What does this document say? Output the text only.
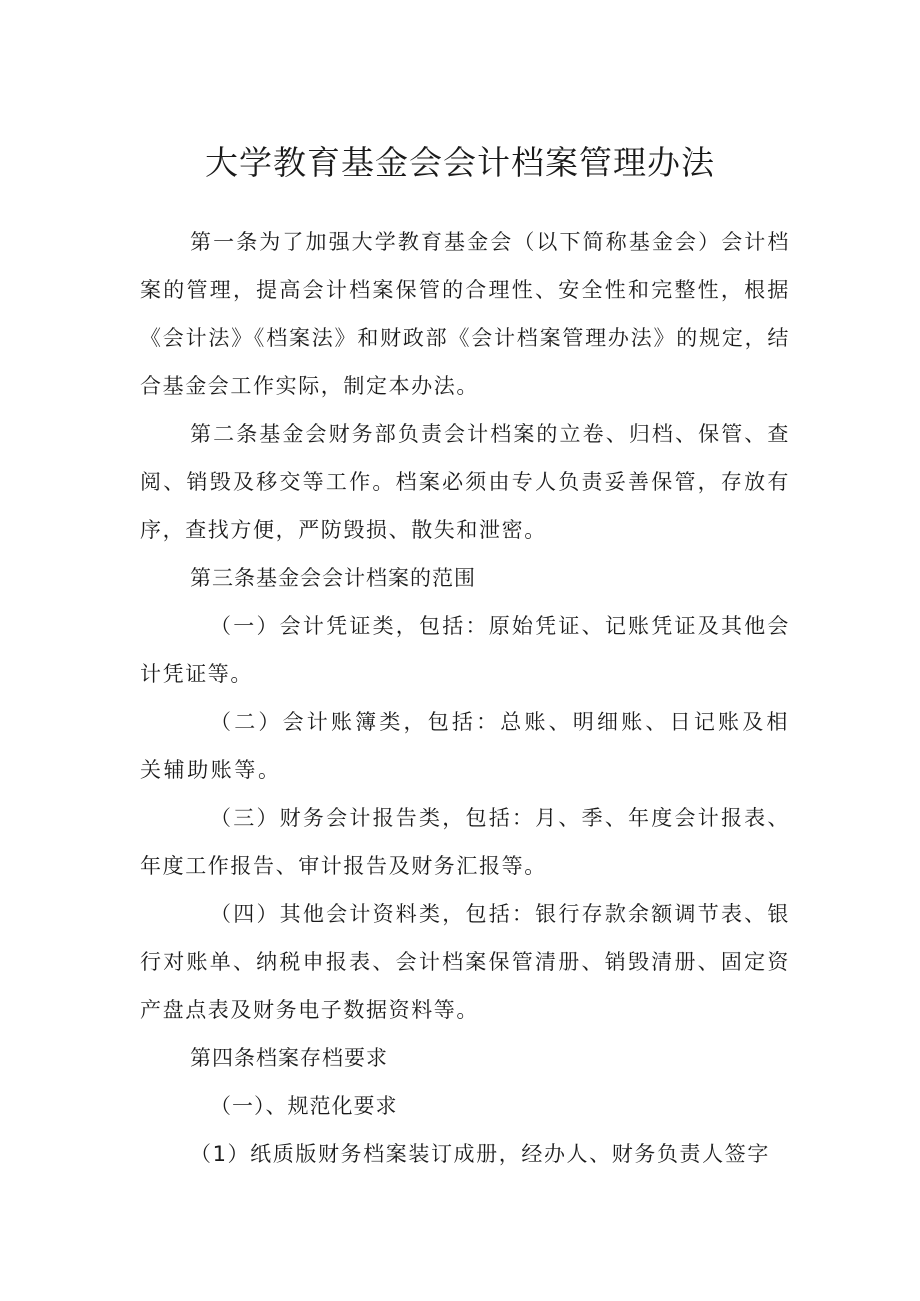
大学教育基金会会计档案管理办法

第一条为了加强大学教育基金会（以下简称基金会）会计档案的管理，提高会计档案保管的合理性、安全性和完整性，根据《会计法》《档案法》和财政部《会计档案管理办法》的规定，结合基金会工作实际，制定本办法。

第二条基金会财务部负责会计档案的立卷、归档、保管、查阅、销毁及移交等工作。档案必须由专人负责妥善保管，存放有序，查找方便，严防毁损、散失和泄密。

第三条基金会会计档案的范围

（一）会计凭证类，包括：原始凭证、记账凭证及其他会计凭证等。

（二）会计账簿类，包括：总账、明细账、日记账及相关辅助账等。

（三）财务会计报告类，包括：月、季、年度会计报表、年度工作报告、审计报告及财务汇报等。

（四）其他会计资料类，包括：银行存款余额调节表、银行对账单、纳税申报表、会计档案保管清册、销毁清册、固定资产盘点表及财务电子数据资料等。

第四条档案存档要求

（一）、规范化要求

（1）纸质版财务档案装订成册，经办人、财务负责人签字
